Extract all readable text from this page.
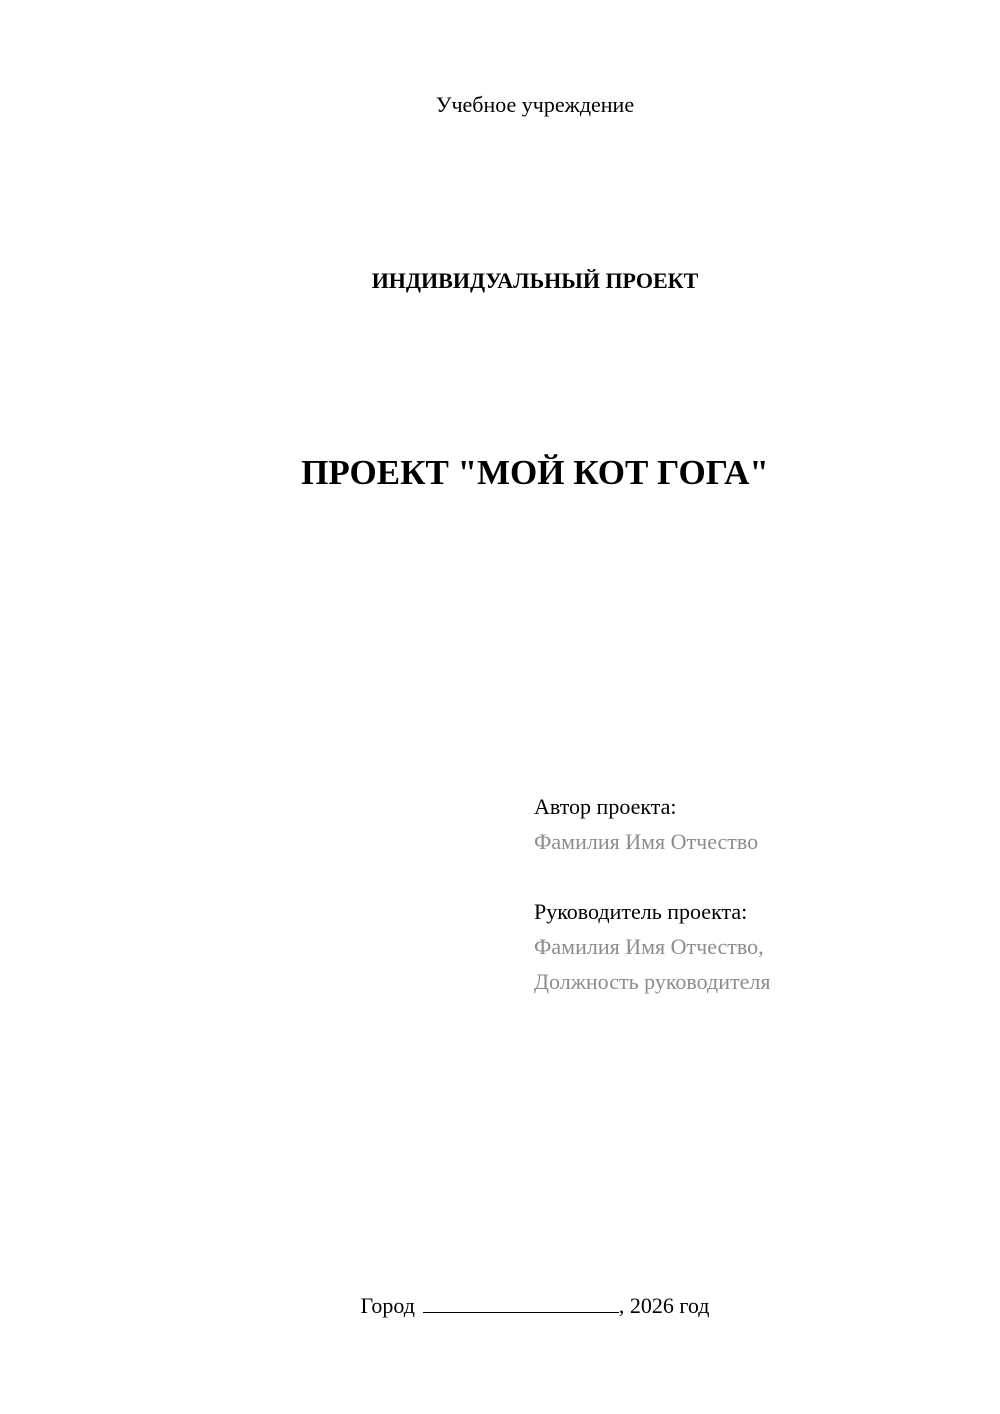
Учебное учреждение
ИНДИВИДУАЛЬНЫЙ ПРОЕКТ
ПРОЕКТ "МОЙ КОТ ГОГА"
Автор проекта:
Фамилия Имя Отчество
Руководитель проекта:
Фамилия Имя Отчество,
Должность руководителя
Город	, 2026 год
